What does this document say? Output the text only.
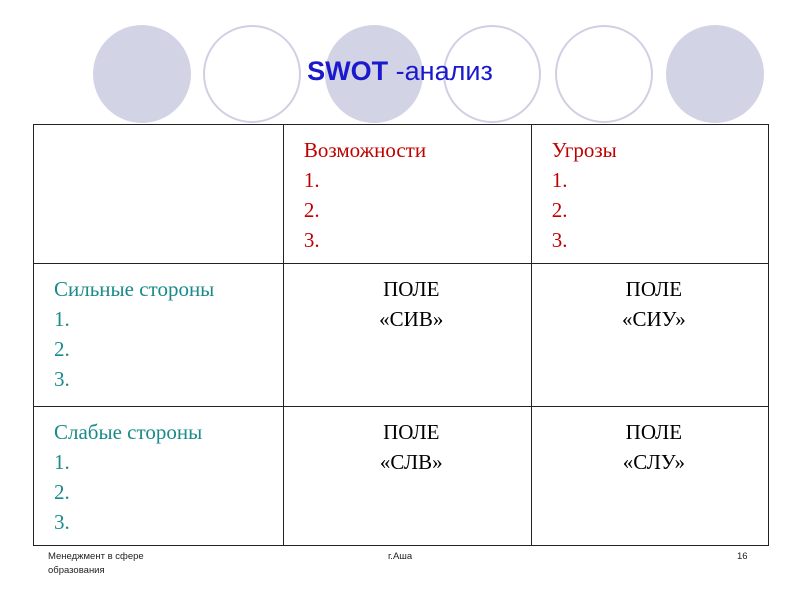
SWOT -анализ

	Возможности
1.
2.
3.	Угрозы
1.
2.
3.

Сильные стороны
1.
2.
3.	ПОЛЕ
«СИВ»	ПОЛЕ
«СИУ»

Слабые стороны
1.
2.
3.	ПОЛЕ
«СЛВ»	ПОЛЕ
«СЛУ»
Менеджмент в сфере образования
г.Аша	16
